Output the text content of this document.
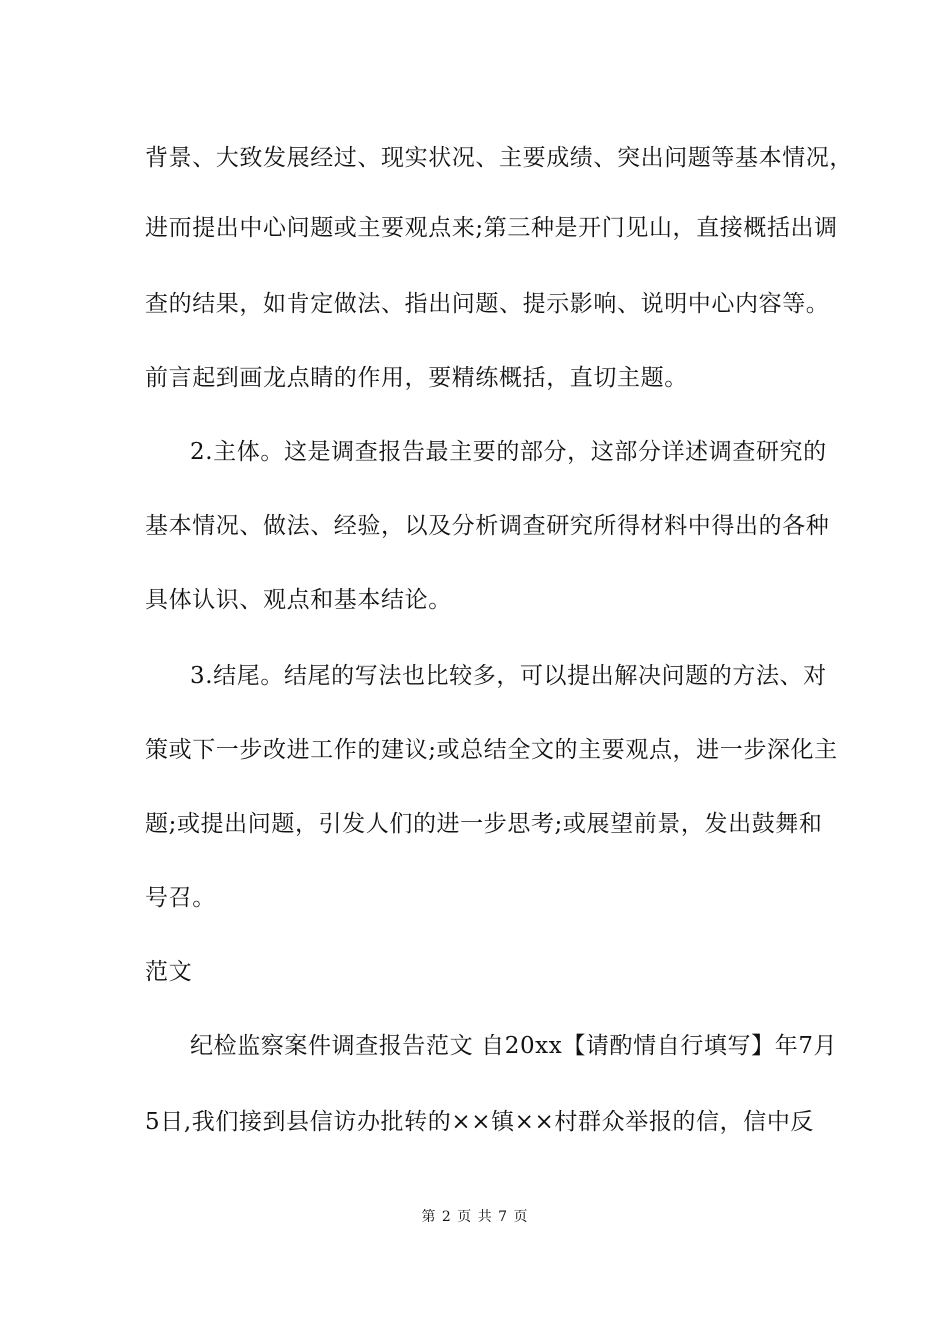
背景、大致发展经过、现实状况、主要成绩、突出问题等基本情况，
进而提出中心问题或主要观点来;第三种是开门见山，直接概括出调
查的结果，如肯定做法、指出问题、提示影响、说明中心内容等。
前言起到画龙点睛的作用，要精练概括，直切主题。
2.主体。这是调查报告最主要的部分，这部分详述调查研究的
基本情况、做法、经验，以及分析调查研究所得材料中得出的各种
具体认识、观点和基本结论。
3.结尾。结尾的写法也比较多，可以提出解决问题的方法、对
策或下一步改进工作的建议;或总结全文的主要观点，进一步深化主
题;或提出问题，引发人们的进一步思考;或展望前景，发出鼓舞和
号召。
范文
纪检监察案件调查报告范文 自20xx【请酌情自行填写】年7月
5日,我们接到县信访办批转的××镇××村群众举报的信，信中反
第 2 页 共 7 页
